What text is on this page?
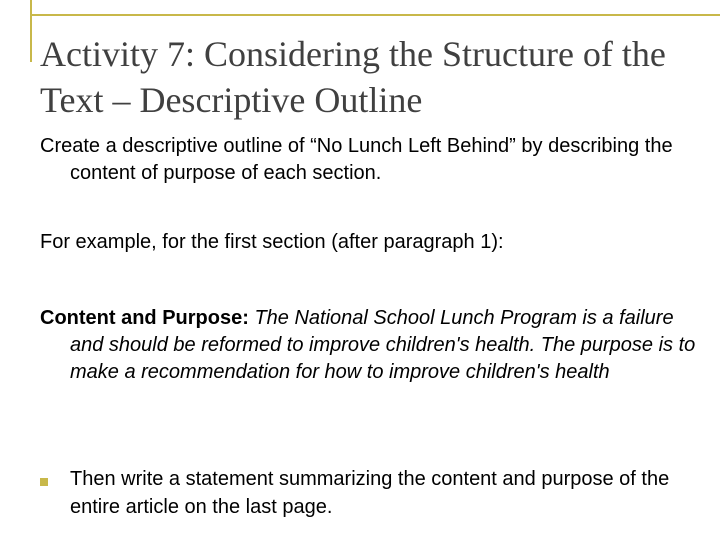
Activity 7: Considering the Structure of the Text – Descriptive Outline

Create a descriptive outline of “No Lunch Left Behind” by describing the content of purpose of each section.

For example, for the first section (after paragraph 1):

Content and Purpose: The National School Lunch Program is a failure and should be reformed to improve children's health. The purpose is to make a recommendation for how to improve children's health

Then write a statement summarizing the content and purpose of the entire article on the last page.
